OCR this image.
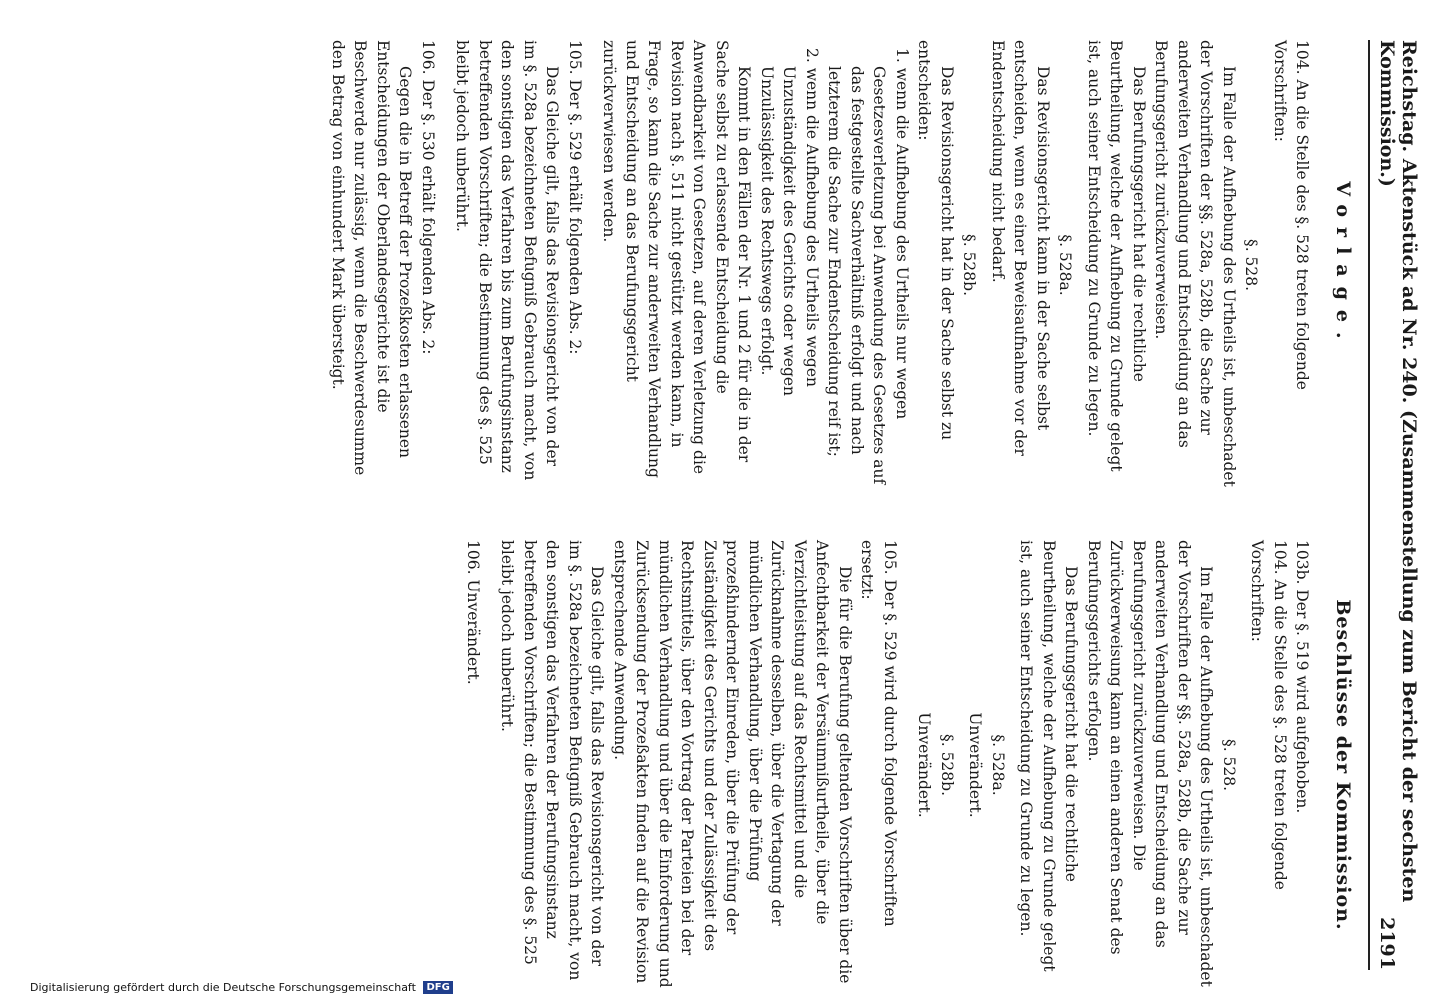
Reichstag. Aktenstück ad Nr. 240. (Zusammenstellung zum Bericht der sechsten Kommission.)
2191
Vorlage.
104. An die Stelle des §. 528 treten folgende Vorschriften:
§. 528.
Im Falle der Aufhebung des Urtheils ist, unbeschadet der Vorschriften der §§. 528a, 528b, die Sache zur anderweiten Verhandlung und Entscheidung an das Berufungsgericht zurückzuverweisen.
Das Berufungsgericht hat die rechtliche Beurtheilung, welche der Aufhebung zu Grunde gelegt ist, auch seiner Entscheidung zu Grunde zu legen.
§. 528a.
Das Revisionsgericht kann in der Sache selbst entscheiden, wenn es einer Beweisaufnahme vor der Endentscheidung nicht bedarf.
§. 528b.
Das Revisionsgericht hat in der Sache selbst zu entscheiden:
1. wenn die Aufhebung des Urtheils nur wegen Gesetzesverletzung bei Anwendung des Gesetzes auf das festgestellte Sachverhältniß erfolgt und nach letzterem die Sache zur Endentscheidung reif ist;
2. wenn die Aufhebung des Urtheils wegen Unzuständigkeit des Gerichts oder wegen Unzulässigkeit des Rechtswegs erfolgt.
Kommt in den Fällen der Nr. 1 und 2 für die in der Sache selbst zu erlassende Entscheidung die Anwendbarkeit von Gesetzen, auf deren Verletzung die Revision nach §. 511 nicht gestützt werden kann, in Frage, so kann die Sache zur anderweiten Verhandlung und Entscheidung an das Berufungsgericht zurückverwiesen werden.
105. Der §. 529 erhält folgenden Abs. 2:
Das Gleiche gilt, falls das Revisionsgericht von der im §. 528a bezeichneten Befugniß Gebrauch macht, von den sonstigen das Verfahren bis zum Berufungsinstanz betreffenden Vorschriften; die Bestimmung des §. 525 bleibt jedoch unberührt.
106. Der §. 530 erhält folgenden Abs. 2:
Gegen die in Betreff der Prozeßkosten erlassenen Entscheidungen der Oberlandesgerichte ist die Beschwerde nur zulässig, wenn die Beschwerdesumme den Betrag von einhundert Mark übersteigt.
Beschlüsse der Kommission.
103b. Der §. 519 wird aufgehoben.
104. An die Stelle des §. 528 treten folgende Vorschriften:
§. 528.
Im Falle der Aufhebung des Urtheils ist, unbeschadet der Vorschriften der §§. 528a, 528b, die Sache zur anderweiten Verhandlung und Entscheidung an das Berufungsgericht zurückzuverweisen. Die Zurückverweisung kann an einen anderen Senat des Berufungsgerichts erfolgen.
Das Berufungsgericht hat die rechtliche Beurtheilung, welche der Aufhebung zu Grunde gelegt ist, auch seiner Entscheidung zu Grunde zu legen.
§. 528a.
Unverändert.
§. 528b.
Unverändert.
105. Der §. 529 wird durch folgende Vorschriften ersetzt:
Die für die Berufung geltenden Vorschriften über die Anfechtbarkeit der Versäumnißurtheile, über die Verzichtleistung auf das Rechtsmittel und die Zurücknahme desselben, über die Vertagung der mündlichen Verhandlung, über die Prüfung prozeßhindernder Einreden, über die Prüfung der Zuständigkeit des Gerichts und der Zulässigkeit des Rechtsmittels, über den Vortrag der Parteien bei der mündlichen Verhandlung und über die Einforderung und Zurücksendung der Prozeßakten finden auf die Revision entsprechende Anwendung.
Das Gleiche gilt, falls das Revisionsgericht von der im §. 528a bezeichneten Befugniß Gebrauch macht, von den sonstigen das Verfahren der Berufungsinstanz betreffenden Vorschriften; die Bestimmung des §. 525 bleibt jedoch unberührt.
106. Unverändert.
Digitalisierung gefördert durch die Deutsche Forschungsgemeinschaft DFG
